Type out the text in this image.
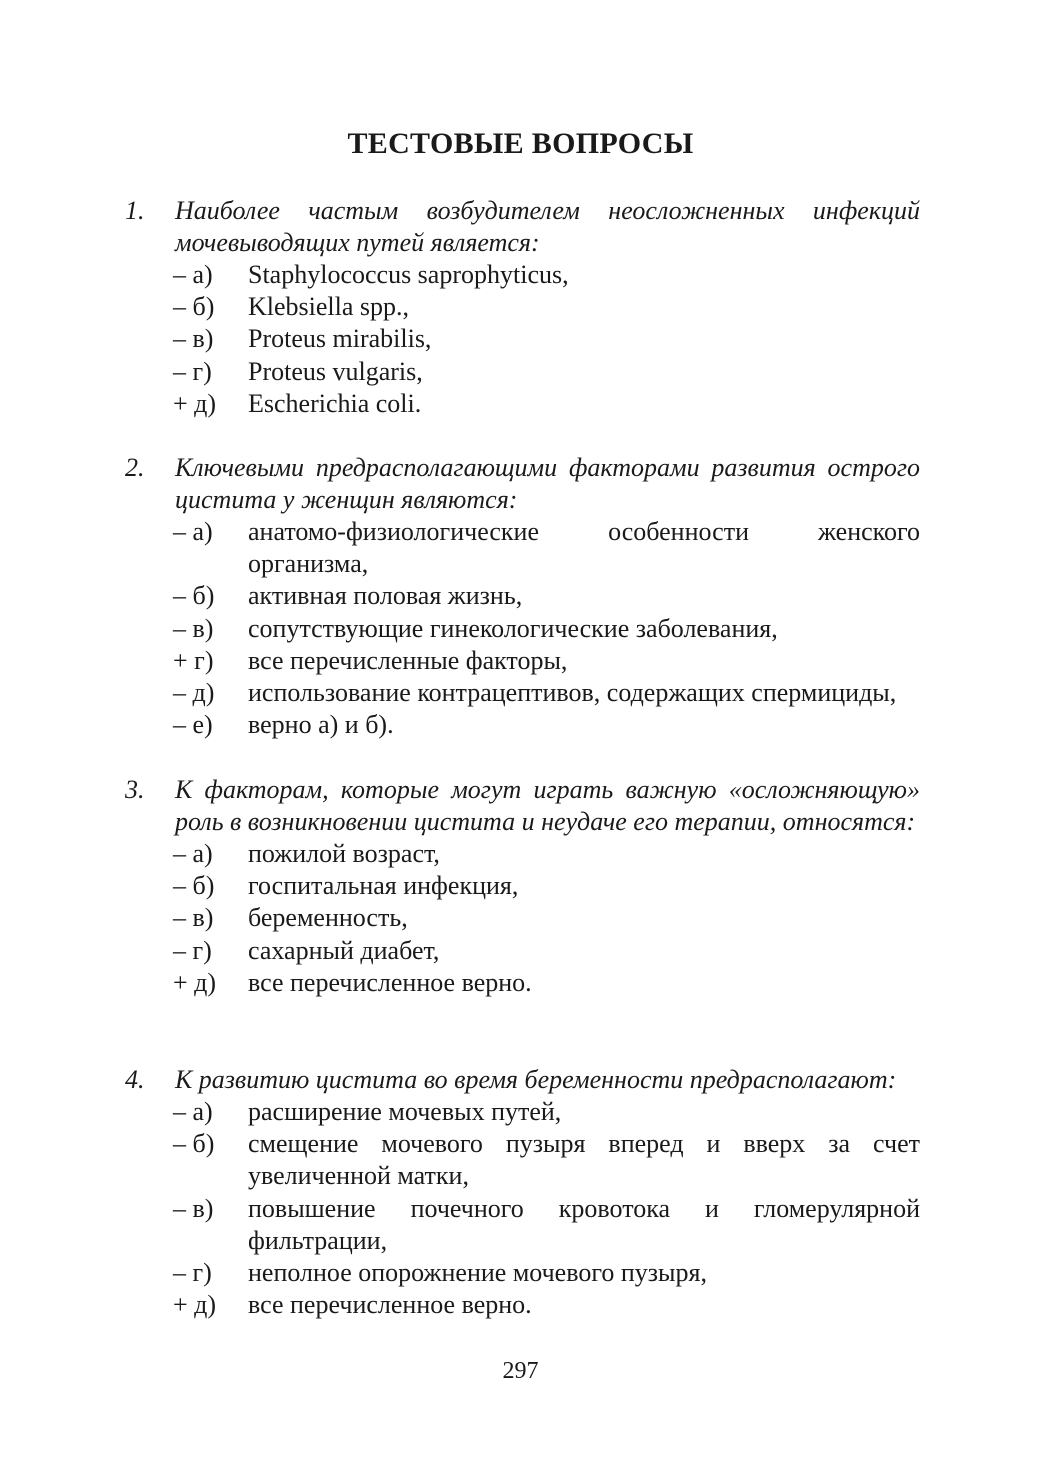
ТЕСТОВЫЕ ВОПРОСЫ
1. Наиболее частым возбудителем неосложненных инфекций мочевыводящих путей является:
– а) Staphylococcus saprophyticus,
– б) Klebsiella spp.,
– в) Proteus mirabilis,
– г) Proteus vulgaris,
+ д) Escherichia coli.
2. Ключевыми предрасполагающими факторами развития острого цистита у женщин являются:
– а) анатомо-физиологические особенности женского организма,
– б) активная половая жизнь,
– в) сопутствующие гинекологические заболевания,
+ г) все перечисленные факторы,
– д) использование контрацептивов, содержащих спермициды,
– е) верно а) и б).
3. К факторам, которые могут играть важную «осложняющую» роль в возникновении цистита и неудаче его терапии, относятся:
– а) пожилой возраст,
– б) госпитальная инфекция,
– в) беременность,
– г) сахарный диабет,
+ д) все перечисленное верно.
4. К развитию цистита во время беременности предрасполагают:
– а) расширение мочевых путей,
– б) смещение мочевого пузыря вперед и вверх за счет увеличенной матки,
– в) повышение почечного кровотока и гломерулярной фильтрации,
– г) неполное опорожнение мочевого пузыря,
+ д) все перечисленное верно.
297
